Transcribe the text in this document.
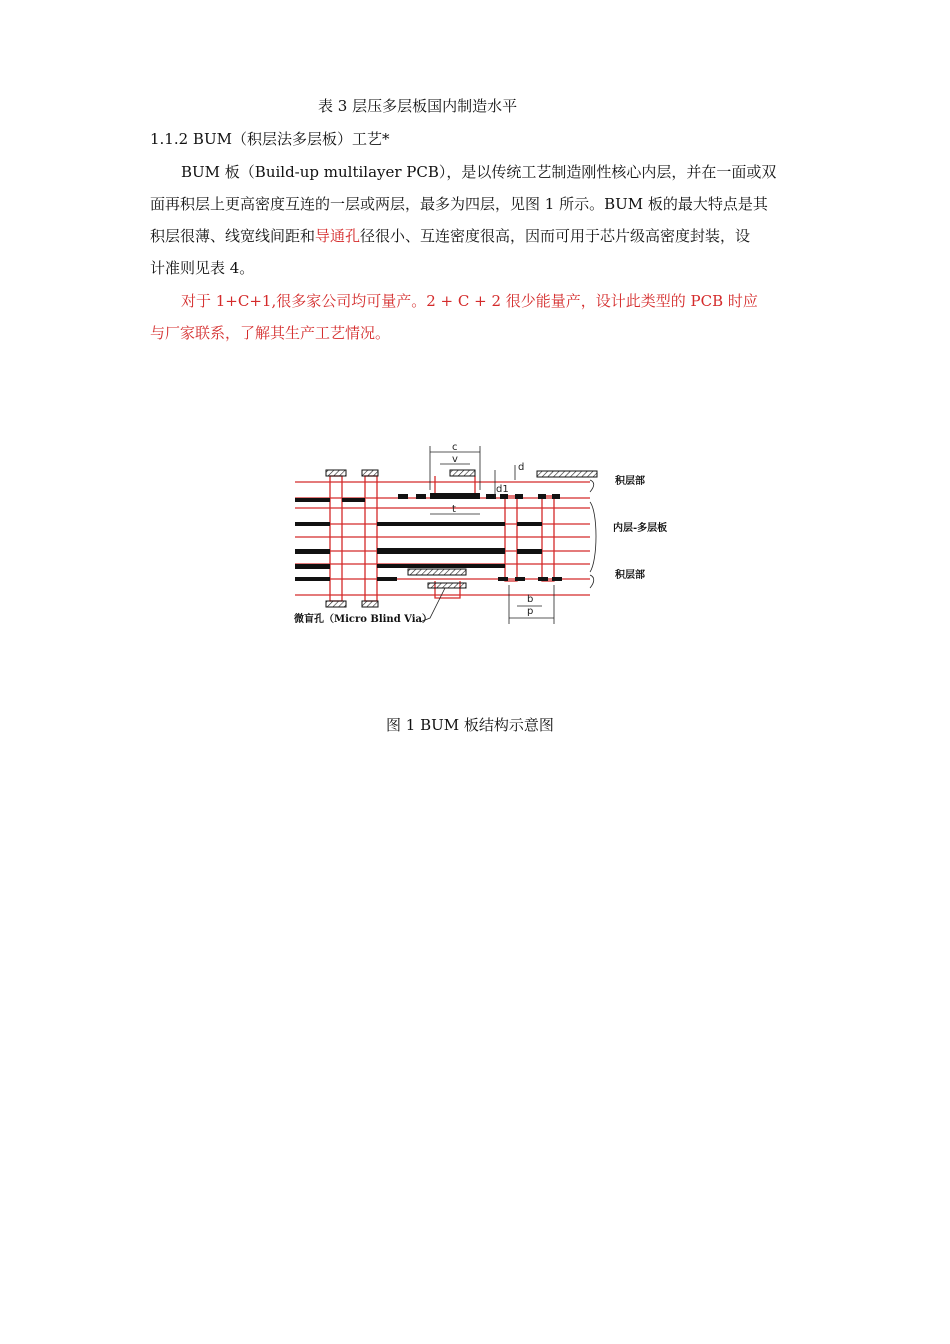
表 3 层压多层板国内制造水平

1.1.2 BUM（积层法多层板）工艺*

BUM 板（Build-up multilayer PCB），是以传统工艺制造刚性核心内层，并在一面或双

面再积层上更高密度互连的一层或两层，最多为四层，见图 1 所示。BUM 板的最大特点是其

积层很薄、线宽线间距和导通孔径很小、互连密度很高，因而可用于芯片级高密度封装，设

计准则见表 4。

对于 1+C+1,很多家公司均可量产。2 + C + 2 很少能量产，设计此类型的 PCB 时应

与厂家联系，了解其生产工艺情况。

c
v
d
d1
t
b
p
积层部
内层-多层板
积层部
微盲孔（Micro Blind Via）

图 1 BUM 板结构示意图
